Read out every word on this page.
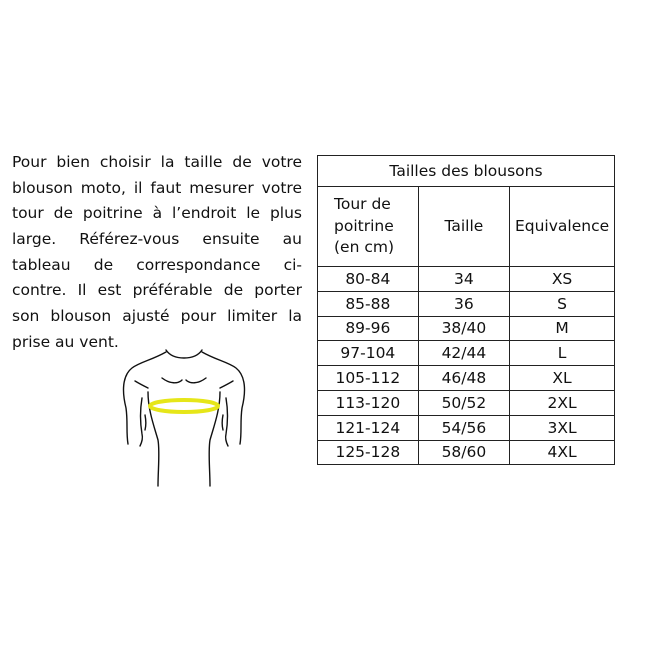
Pour bien choisir la taille de votre
blouson moto, il faut mesurer votre
tour de poitrine à l’endroit le plus
large. Référez-vous ensuite au
tableau de correspondance ci-
contre. Il est préférable de porter
son blouson ajusté pour limiter la
prise au vent.
Tailles des blousons		

Tour de
poitrine
(en cm)	Taille	Equivalence
80-84	34	XS
85-88	36	S
89-96	38/40	M
97-104	42/44	L
105-112	46/48	XL
113-120	50/52	2XL
121-124	54/56	3XL
125-128	58/60	4XL
